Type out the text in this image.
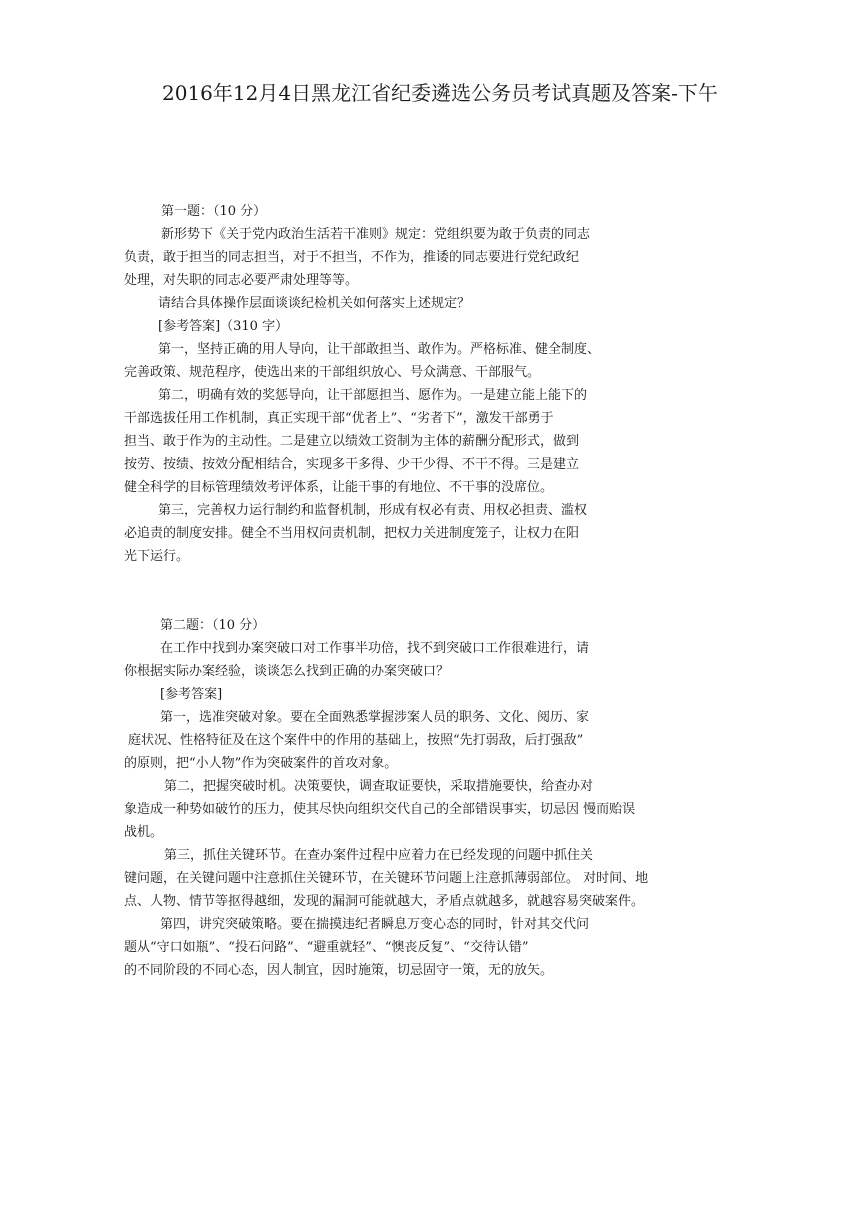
2016年12月4日黑龙江省纪委遴选公务员考试真题及答案-下午
第一题：（10 分）
新形势下《关于党内政治生活若干准则》规定：党组织要为敢于负责的同志
负责，敢于担当的同志担当，对于不担当，不作为，推诿的同志要进行党纪政纪
处理，对失职的同志必要严肃处理等等。
请结合具体操作层面谈谈纪检机关如何落实上述规定？
[参考答案]（310 字）
第一，坚持正确的用人导向，让干部敢担当、敢作为。严格标准、健全制度、
完善政策、规范程序，使选出来的干部组织放心、号众满意、干部服气。
第二，明确有效的奖惩导向，让干部愿担当、愿作为。一是建立能上能下的
干部选拔任用工作机制，真正实现干部“优者上”、“劣者下”，激发干部勇于
担当、敢于作为的主动性。二是建立以绩效工资制为主体的薪酬分配形式，做到
按劳、按绩、按效分配相结合，实现多干多得、少干少得、不干不得。三是建立
健全科学的目标管理绩效考评体系，让能干事的有地位、不干事的没席位。
第三，完善权力运行制约和监督机制，形成有权必有责、用权必担责、滥权
必追责的制度安排。健全不当用权问责机制，把权力关进制度笼子，让权力在阳
光下运行。
第二题：（10 分）
在工作中找到办案突破口对工作事半功倍，找不到突破口工作很难进行，请
你根据实际办案经验，谈谈怎么找到正确的办案突破口？
[参考答案]
第一，选准突破对象。要在全面熟悉掌握涉案人员的职务、文化、阅历、家
庭状况、性格特征及在这个案件中的作用的基础上，按照“先打弱敌，后打强敌”
的原则，把“小人物”作为突破案件的首攻对象。
第二，把握突破时机。决策要快，调查取证要快，采取措施要快，给查办对
象造成一种势如破竹的压力，使其尽快向组织交代自己的全部错误事实，切忌因 慢而贻误
战机。
第三，抓住关键环节。在查办案件过程中应着力在已经发现的问题中抓住关
键问题，在关键问题中注意抓住关键环节，在关键环节问题上注意抓薄弱部位。 对时间、地
点、人物、情节等抠得越细，发现的漏洞可能就越大，矛盾点就越多，就越容易突破案件。
第四，讲究突破策略。要在揣摸违纪者瞬息万变心态的同时，针对其交代问
题从“守口如瓶”、“投石问路”、“避重就轻”、“懊丧反复”、“交待认错”
的不同阶段的不同心态，因人制宜，因时施策，切忌固守一策，无的放矢。
